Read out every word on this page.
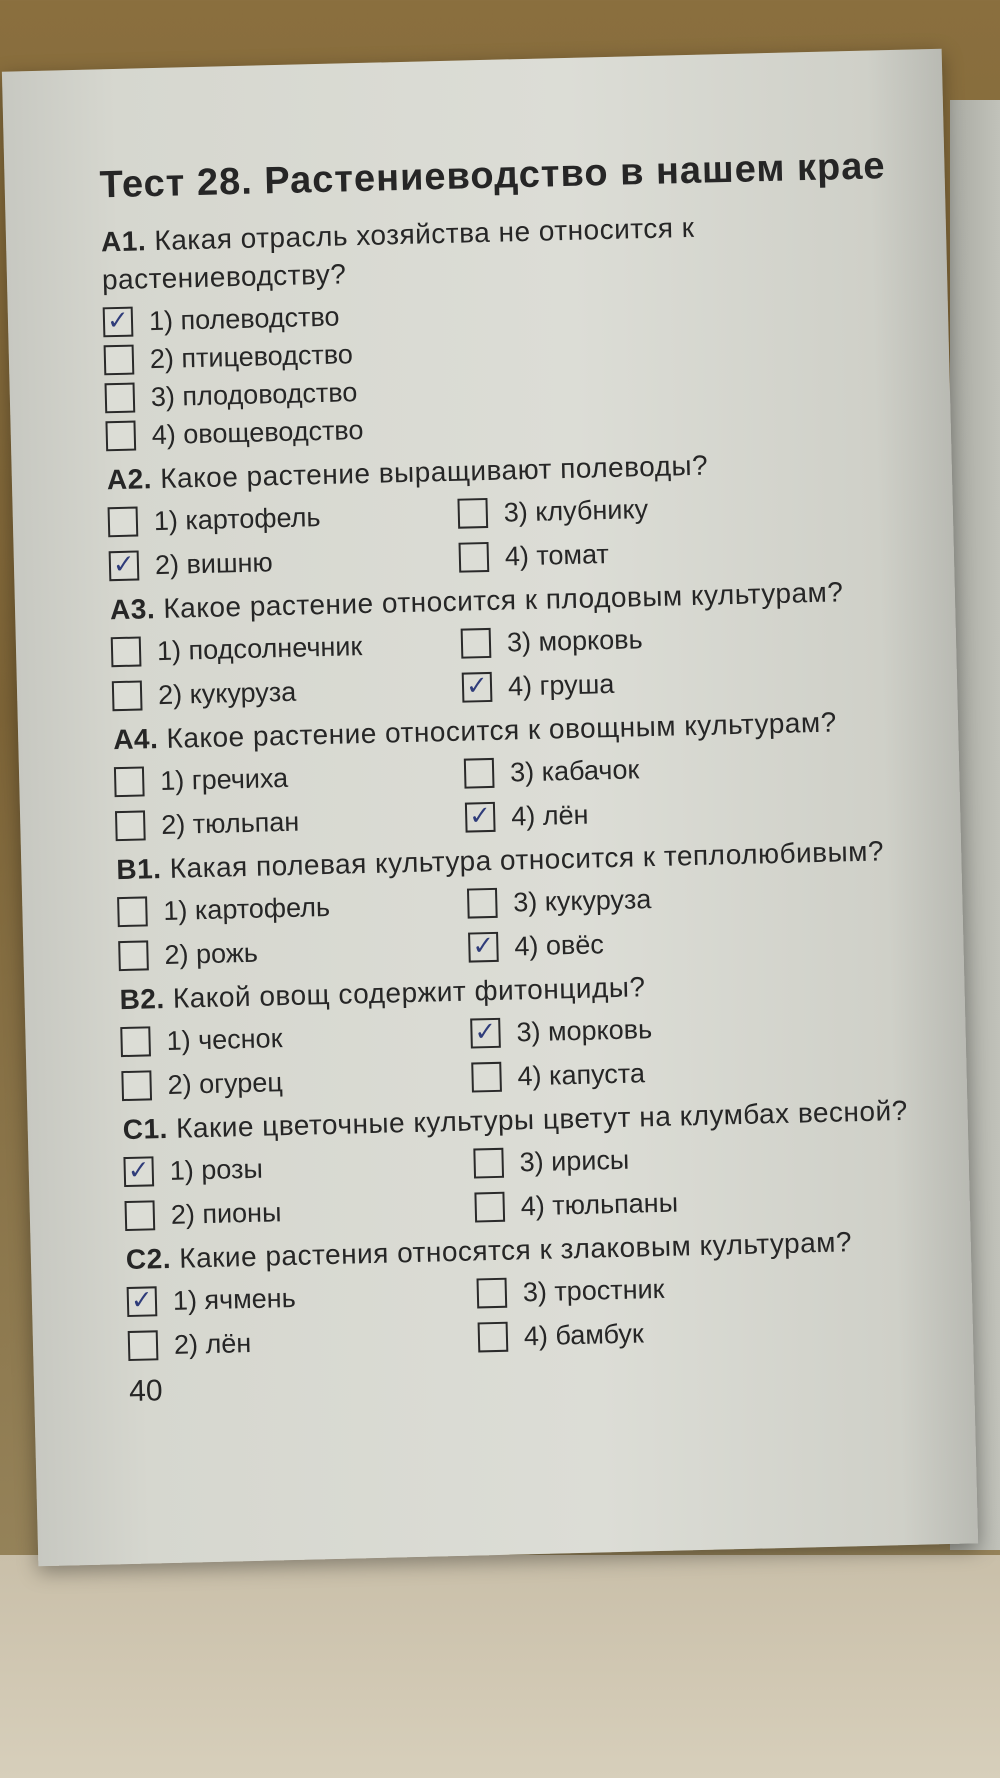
Тест 28. Растениеводство в нашем крае
А1. Какая отрасль хозяйства не относится к растениеводству?
✓ 1) полеводство
2) птицеводство
3) плодоводство
4) овощеводство
А2. Какое растение выращивают полеводы?
1) картофель	3) клубнику
✓ 2) вишню	4) томат
А3. Какое растение относится к плодовым культурам?
1) подсолнечник	3) морковь
2) кукуруза	✓ 4) груша
А4. Какое растение относится к овощным культурам?
1) гречиха	3) кабачок
2) тюльпан	✓ 4) лён
В1. Какая полевая культура относится к теплолюбивым?
1) картофель	3) кукуруза
2) рожь	✓ 4) овёс
В2. Какой овощ содержит фитонциды?
1) чеснок	✓ 3) морковь
2) огурец	4) капуста
С1. Какие цветочные культуры цветут на клумбах весной?
✓ 1) розы	3) ирисы
2) пионы	4) тюльпаны
С2. Какие растения относятся к злаковым культурам?
✓ 1) ячмень	3) тростник
2) лён	4) бамбук
40
